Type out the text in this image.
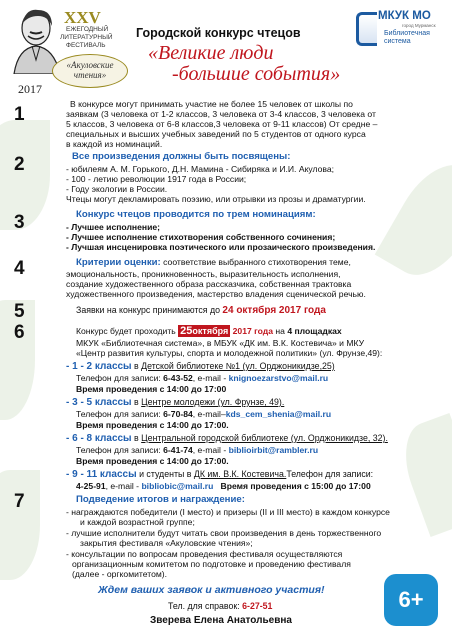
XXV
ЕЖЕГОДНЫЙ
ЛИТЕРАТУРНЫЙ
ФЕСТИВАЛЬ
«Акуловские чтения»
2017
Городской конкурс чтецов
«Великие люди
-большие события»
МКУК МО
город Мурманск
Библиотечная
система
1	В конкурсе могут принимать участие не более 15 человек от школы по
заявкам (3 человека от 1-2 классов, 3 человека от 3-4 классов, 3 человека от
5 классов, 3 человека от 6-8 классов,3 человека от 9-11 классов) От средне –
специальных и высших учебных заведений по 5 студентов от одного курса
в каждой из номинаций.
2	Все произведения должны быть посвящены:
- юбилеям А. М. Горького, Д.Н. Мамина - Сибиряка и И.И. Акулова;
- 100 - летию революции 1917 года в России;
- Году экологии в России.
Чтецы могут декламировать поэзию, или отрывки из прозы и драматургии.
3	Конкурс чтецов проводится по трем номинациям:
- Лучшее исполнение;
- Лучшее исполнение стихотворения собственного сочинения;
- Лучшая инсценировка поэтического или прозаического произведения.
4	Критерии оценки: соответствие выбранного стихотворения теме,
эмоциональность, проникновенность, выразительность исполнения,
создание художественного образа рассказчика, собственная трактовка
художественного произведения, мастерство владения сценической речью.
5	Заявки на конкурс принимаются до 24 октября 2017 года
6	Конкурс будет проходить 25октября 2017 года на 4 площадках
МКУК «Библиотечная система», в МБУК «ДК им. В.К. Костевича» и МКУ
«Центр развития культуры, спорта и молодежной политики» (ул. Фрунзе,49):
- 1 - 2 классы в Детской библиотеке №1 (ул. Орджоникидзе,25)
Телефон для записи: 6-43-52, e-mail - knignoezarstvo@mail.ru
Время проведения с 14:00 до 17:00
- 3 - 5 классы в Центре молодежи (ул. Фрунзе, 49).
Телефон для записи: 6-70-84, e-mail–kds_cem_shenia@mail.ru
Время проведения с 14:00 до 17:00.
- 6 - 8 классы в Центральной городской библиотеке (ул. Орджоникидзе, 32).
Телефон для записи: 6-41-74, e-mail - biblioirbit@rambler.ru
Время проведения с 14:00 до 17:00.
- 9 - 11 классы и студенты в ДК им. В.К. Костевича.Телефон для записи:
4-25-91, e-mail - bibliobic@mail.ru   Время проведения с 15:00 до 17:00
7	Подведение итогов и награждение:
- награждаются победители (I место) и призеры (II и III место) в каждом конкурсе
и каждой возрастной группе;
- лучшие исполнители будут читать свои произведения в день торжественного
закрытия фестиваля «Акуловские чтения»;
- консультации по вопросам проведения фестиваля осуществляются
организационным комитетом по подготовке и проведению фестиваля
(далее - оргкомитетом).
Ждем ваших заявок и активного участия!
Тел. для справок: 6-27-51
Зверева Елена Анатольевна
6+
